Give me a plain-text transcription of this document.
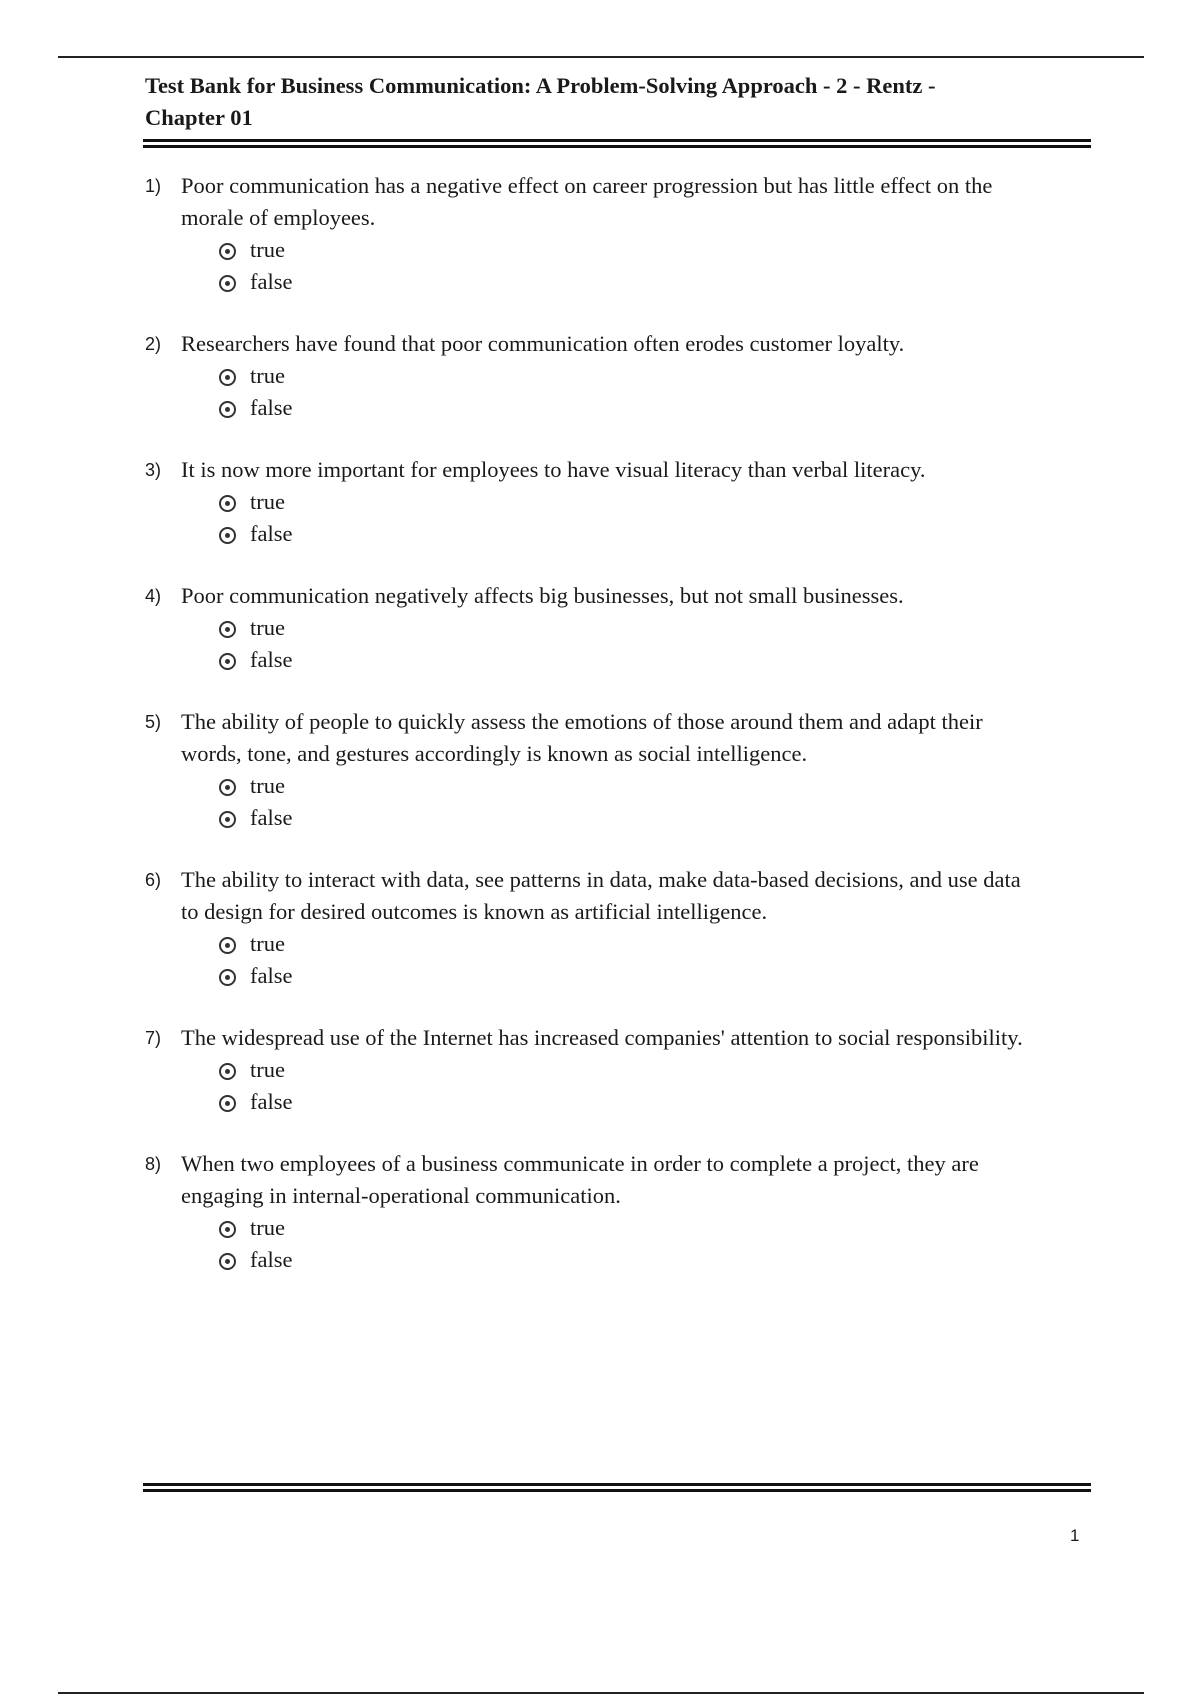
Test Bank for Business Communication: A Problem-Solving Approach - 2 - Rentz -
Chapter 01
1) Poor communication has a negative effect on career progression but has little effect on the
morale of employees.
true
false
2) Researchers have found that poor communication often erodes customer loyalty.
true
false
3) It is now more important for employees to have visual literacy than verbal literacy.
true
false
4) Poor communication negatively affects big businesses, but not small businesses.
true
false
5) The ability of people to quickly assess the emotions of those around them and adapt their
words, tone, and gestures accordingly is known as social intelligence.
true
false
6) The ability to interact with data, see patterns in data, make data-based decisions, and use data
to design for desired outcomes is known as artificial intelligence.
true
false
7) The widespread use of the Internet has increased companies' attention to social responsibility.
true
false
8) When two employees of a business communicate in order to complete a project, they are
engaging in internal-operational communication.
true
false
1
